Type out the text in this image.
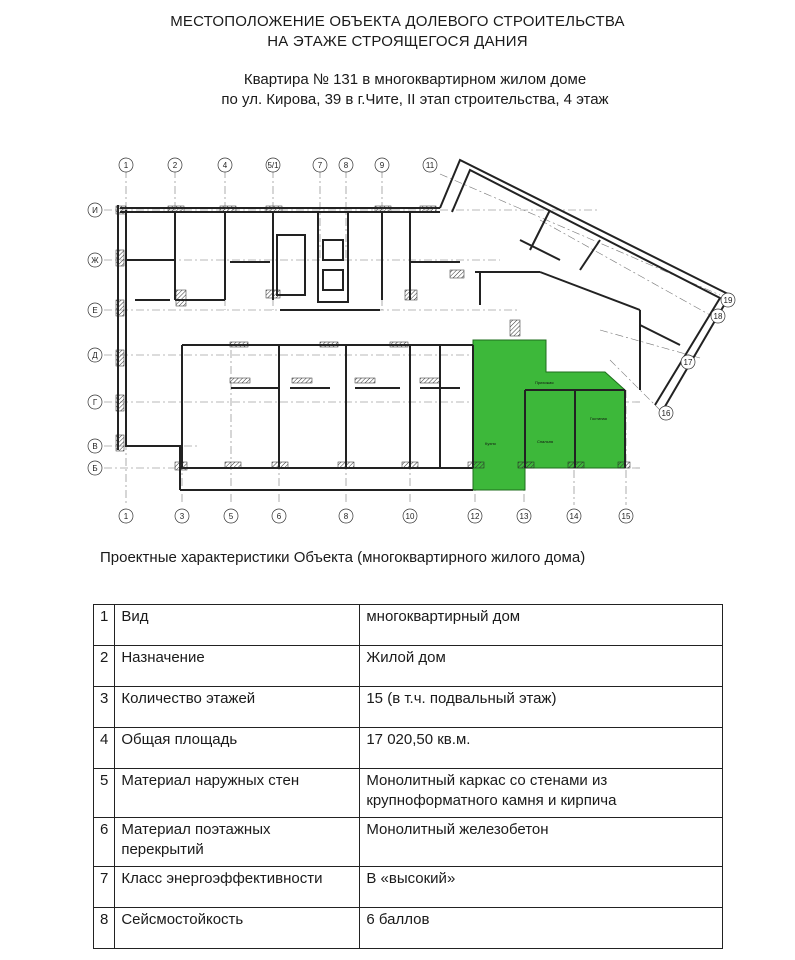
МЕСТОПОЛОЖЕНИЕ ОБЪЕКТА ДОЛЕВОГО СТРОИТЕЛЬСТВА
НА ЭТАЖЕ СТРОЯЩЕГОСЯ ДАНИЯ
Квартира № 131 в многоквартирном жилом доме
по ул. Кирова, 39 в г.Чите, II этап строительства, 4 этаж
Прихожая
Кухня	Спальня
Гостиная
1	2	4	5/1	7	8	9	11
И
Ж
Е
Д
Г
В
Б
1	3	5	6	8	10	12	13	14	15
19
18
17
16
Проектные характеристики Объекта (многоквартирного жилого дома)
1	Вид	многоквартирный дом
2	Назначение	Жилой дом
3	Количество этажей	15 (в т.ч. подвальный этаж)
4	Общая площадь	17 020,50 кв.м.
5	Материал наружных стен	Монолитный каркас со стенами из крупноформатного камня и кирпича
6	Материал поэтажных перекрытий	Монолитный железобетон
7	Класс энергоэффективности	В «высокий»
8	Сейсмостойкость	6 баллов
